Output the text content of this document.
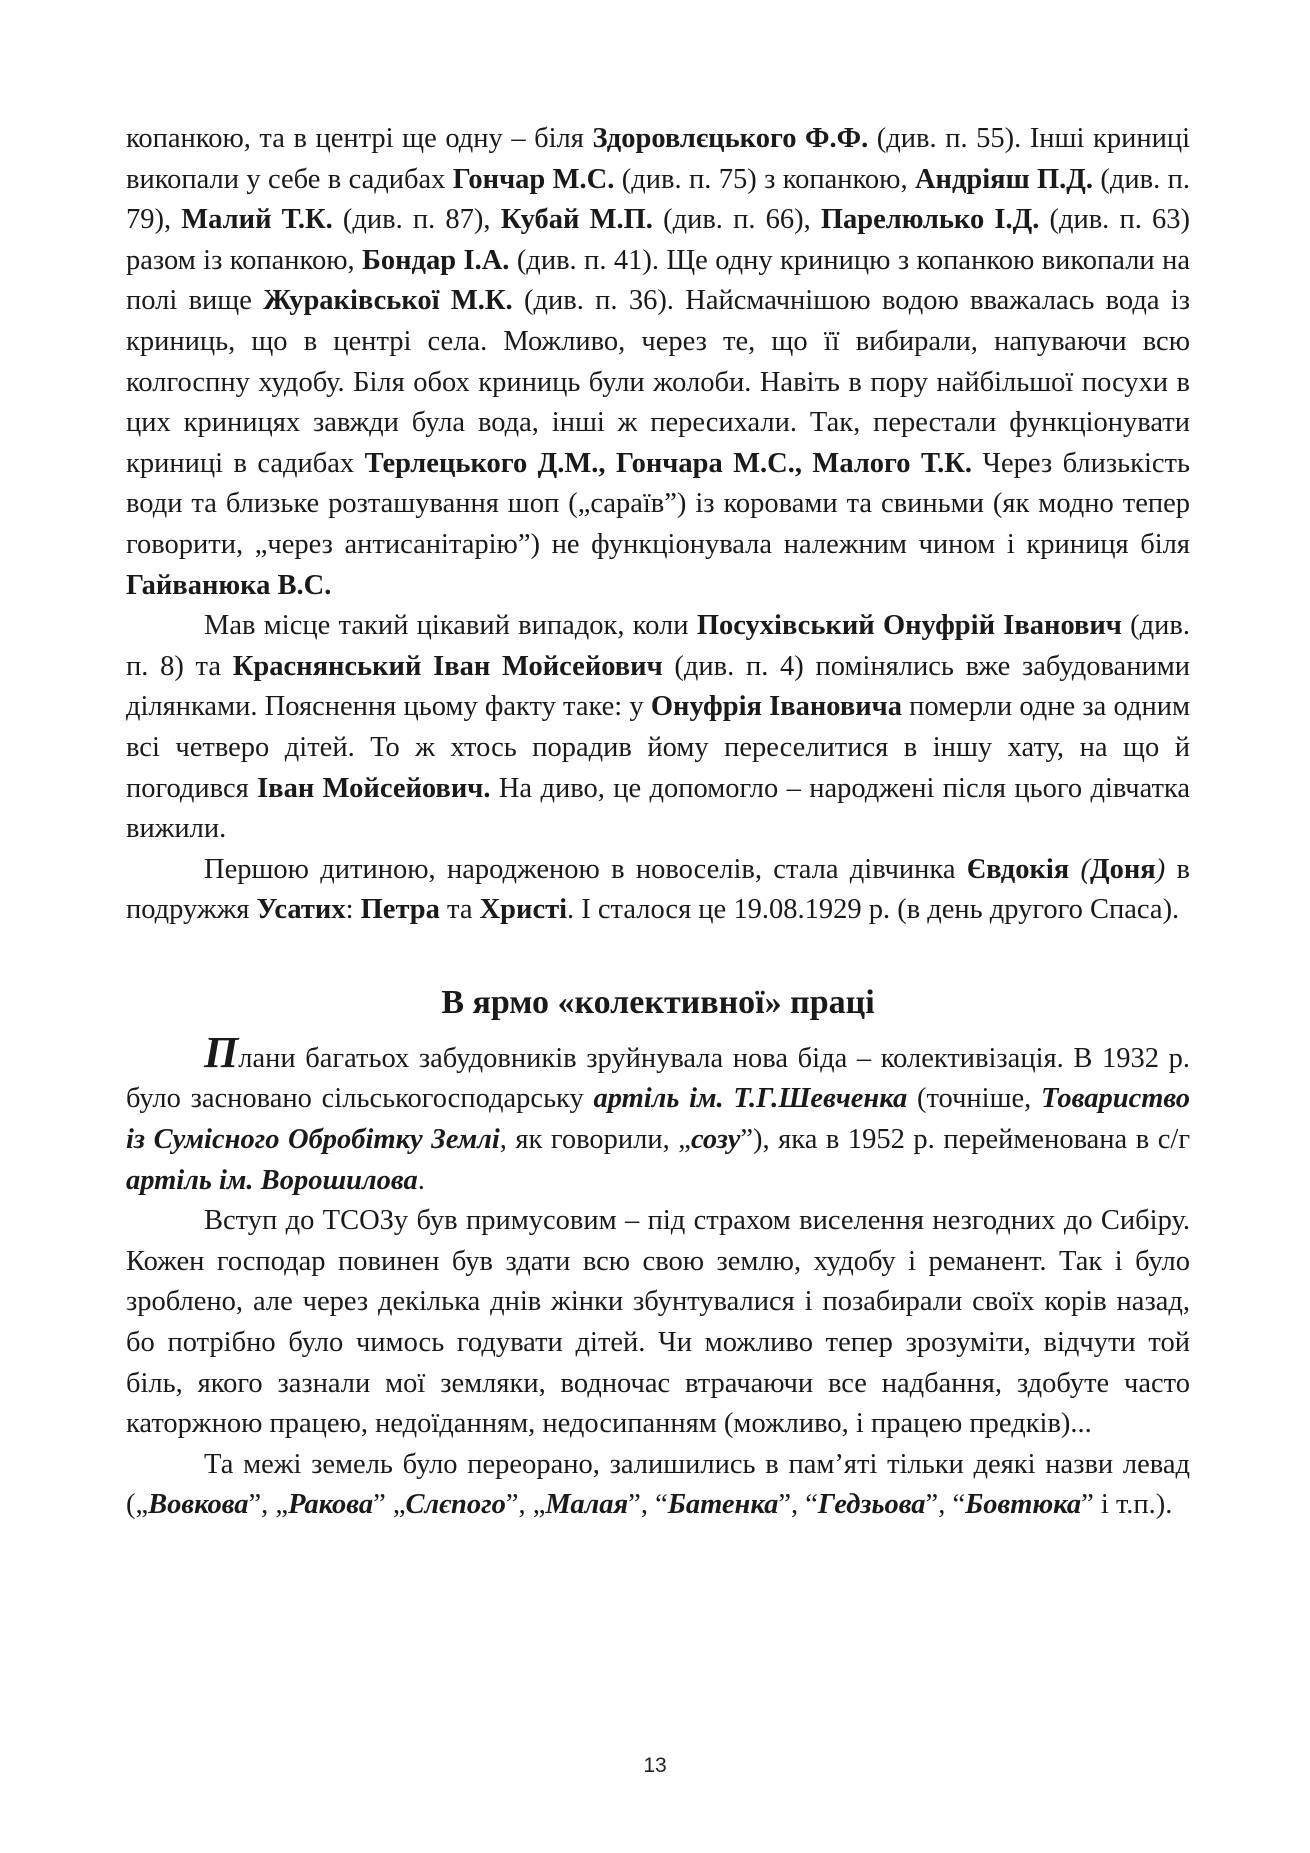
копанкою, та в центрі ще одну – біля Здоровлєцького Ф.Ф. (див. п. 55). Інші криниці викопали у себе в садибах Гончар М.С. (див. п. 75) з копанкою, Андріяш П.Д. (див. п. 79), Малий Т.К. (див. п. 87), Кубай М.П. (див. п. 66), Парелюлько І.Д. (див. п. 63) разом із копанкою, Бондар І.А. (див. п. 41). Ще одну криницю з копанкою викопали на полі вище Жураківської М.К. (див. п. 36). Найсмачнішою водою вважалась вода із криниць, що в центрі села. Можливо, через те, що її вибирали, напуваючи всю колгоспну худобу. Біля обох криниць були жолоби. Навіть в пору найбільшої посухи в цих криницях завжди була вода, інші ж пересихали. Так, перестали функціонувати криниці в садибах Терлецького Д.М., Гончара М.С., Малого Т.К. Через близькість води та близьке розташування шоп („сараїв”) із коровами та свиньми (як модно тепер говорити, „через антисанітарію”) не функціонувала належним чином і криниця біля Гайванюка В.С.

Мав місце такий цікавий випадок, коли Посухівський Онуфрій Іванович (див. п. 8) та Краснянський Іван Мойсейович (див. п. 4) помінялись вже забудованими ділянками. Пояснення цьому факту таке: у Онуфрія Івановича померли одне за одним всі четверо дітей. То ж хтось порадив йому переселитися в іншу хату, на що й погодився Іван Мойсейович. На диво, це допомогло – народжені після цього дівчатка вижили.

Першою дитиною, народженою в новоселів, стала дівчинка Євдокія (Доня) в подружжя Усатих: Петра та Христі. І сталося це 19.08.1929 р. (в день другого Спаса).

В ярмо «колективної» праці

Плани багатьох забудовників зруйнувала нова біда – колективізація. В 1932 р. було засновано сільськогосподарську артіль ім. Т.Г.Шевченка (точніше, Товариство із Сумісного Обробітку Землі, як говорили, „созу”), яка в 1952 р. перейменована в с/г артіль ім. Ворошилова.

Вступ до ТСОЗу був примусовим – під страхом виселення незгодних до Сибіру. Кожен господар повинен був здати всю свою землю, худобу і реманент. Так і було зроблено, але через декілька днів жінки збунтувалися і позабирали своїх корів назад, бо потрібно було чимось годувати дітей. Чи можливо тепер зрозуміти, відчути той біль, якого зазнали мої земляки, водночас втрачаючи все надбання, здобуте часто каторжною працею, недоїданням, недосипанням (можливо, і працею предків)...

Та межі земель було переорано, залишились в пам’яті тільки деякі назви левад („Вовкова”, „Ракова” „Слєпого”, „Малая”, “Батенка”, “Гедзьова”, “Бовтюка” і т.п.).

13
